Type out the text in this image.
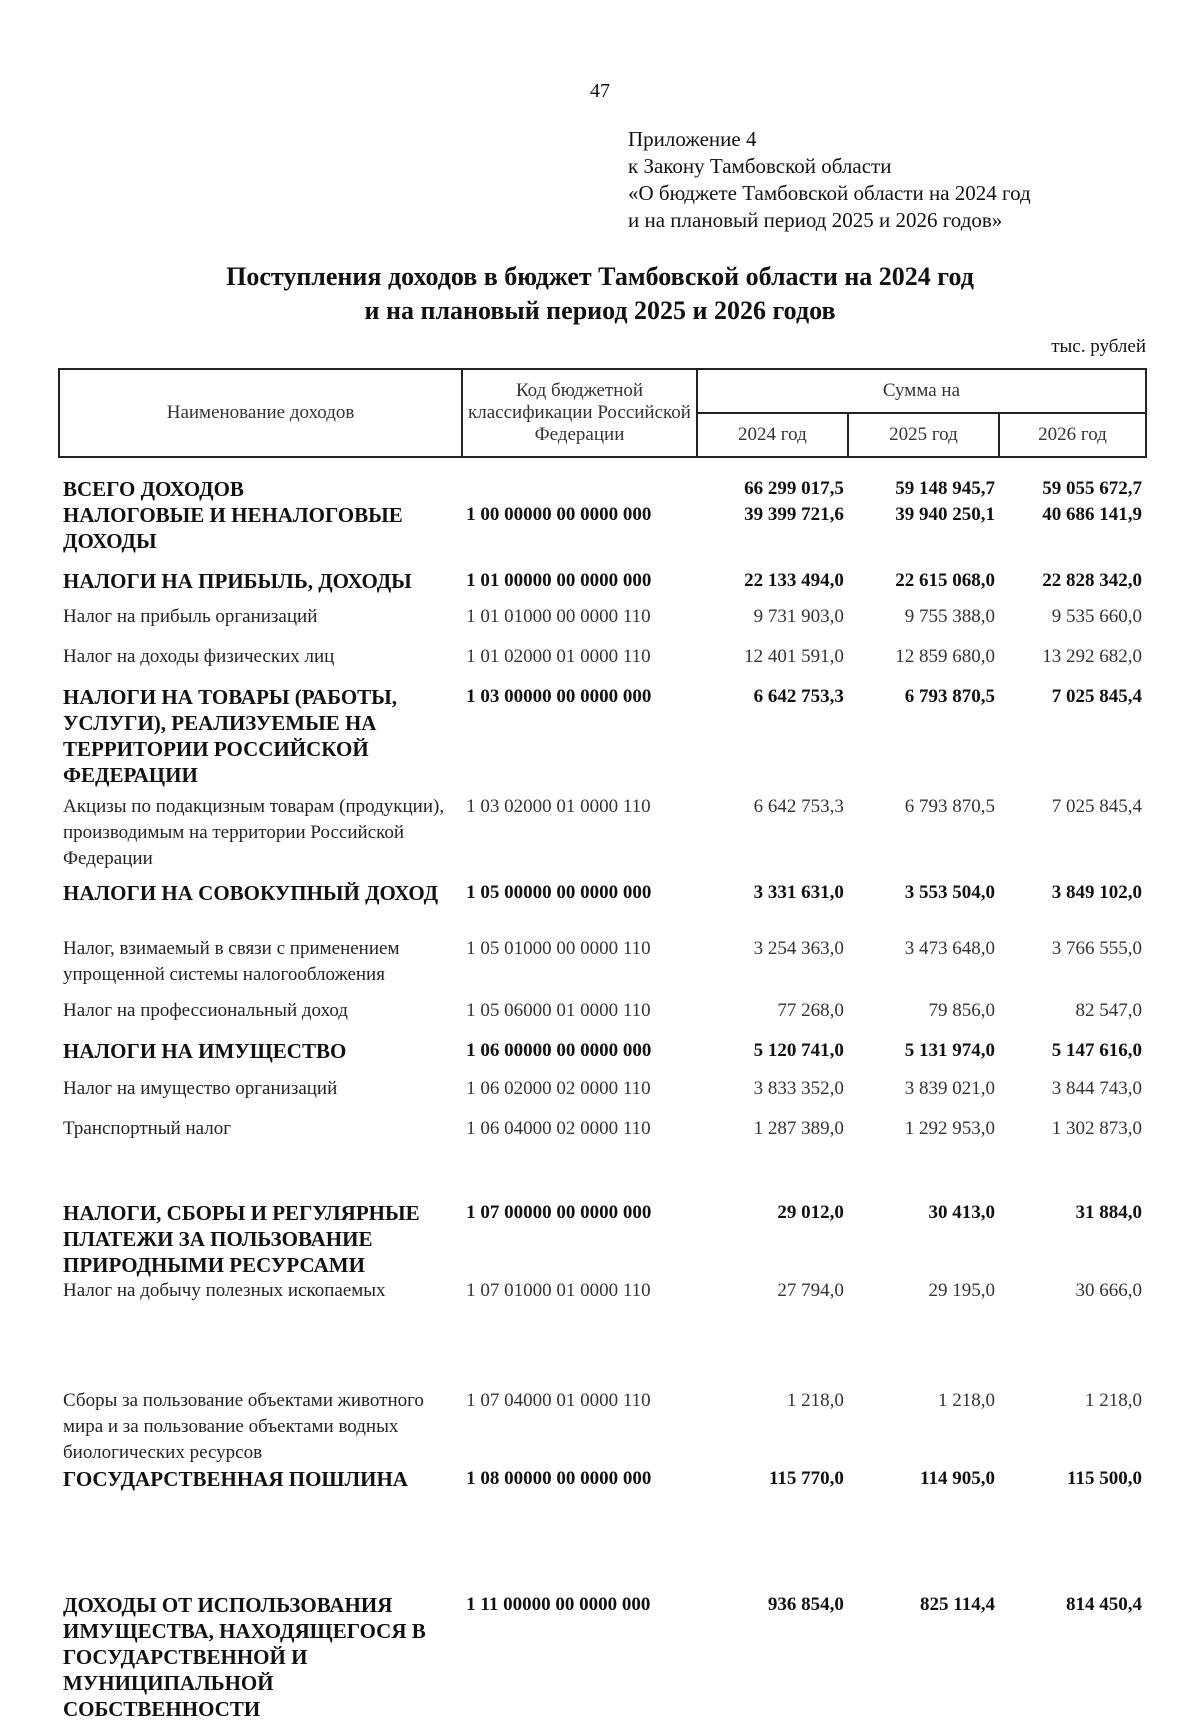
47
Приложение 4
к Закону Тамбовской области
«О бюджете Тамбовской области на 2024 год
и на плановый период 2025 и 2026 годов»
Поступления доходов в бюджет Тамбовской области на 2024 год
и на плановый период 2025 и 2026 годов
тыс. рублей
Наименование доходов	Код бюджетной классификации Российской Федерации	Сумма на		
		2024 год	2025 год	2026 год
ВСЕГО ДОХОДОВ		66 299 017,5	59 148 945,7	59 055 672,7
НАЛОГОВЫЕ И НЕНАЛОГОВЫЕ ДОХОДЫ	1 00 00000 00 0000 000	39 399 721,6	39 940 250,1	40 686 141,9
НАЛОГИ НА ПРИБЫЛЬ, ДОХОДЫ	1 01 00000 00 0000 000	22 133 494,0	22 615 068,0	22 828 342,0
Налог на прибыль организаций	1 01 01000 00 0000 110	9 731 903,0	9 755 388,0	9 535 660,0
Налог на доходы физических лиц	1 01 02000 01 0000 110	12 401 591,0	12 859 680,0	13 292 682,0
НАЛОГИ НА ТОВАРЫ (РАБОТЫ, УСЛУГИ), РЕАЛИЗУЕМЫЕ НА ТЕРРИТОРИИ РОССИЙСКОЙ ФЕДЕРАЦИИ	1 03 00000 00 0000 000	6 642 753,3	6 793 870,5	7 025 845,4
Акцизы по подакцизным товарам (продукции), производимым на территории Российской Федерации	1 03 02000 01 0000 110	6 642 753,3	6 793 870,5	7 025 845,4
НАЛОГИ НА СОВОКУПНЫЙ ДОХОД	1 05 00000 00 0000 000	3 331 631,0	3 553 504,0	3 849 102,0
Налог, взимаемый в связи с применением упрощенной системы налогообложения	1 05 01000 00 0000 110	3 254 363,0	3 473 648,0	3 766 555,0
Налог на профессиональный доход	1 05 06000 01 0000 110	77 268,0	79 856,0	82 547,0
НАЛОГИ НА ИМУЩЕСТВО	1 06 00000 00 0000 000	5 120 741,0	5 131 974,0	5 147 616,0
Налог на имущество организаций	1 06 02000 02 0000 110	3 833 352,0	3 839 021,0	3 844 743,0
Транспортный налог	1 06 04000 02 0000 110	1 287 389,0	1 292 953,0	1 302 873,0
НАЛОГИ, СБОРЫ И РЕГУЛЯРНЫЕ ПЛАТЕЖИ ЗА ПОЛЬЗОВАНИЕ ПРИРОДНЫМИ РЕСУРСАМИ	1 07 00000 00 0000 000	29 012,0	30 413,0	31 884,0
Налог на добычу полезных ископаемых	1 07 01000 01 0000 110	27 794,0	29 195,0	30 666,0
Сборы за пользование объектами животного мира и за пользование объектами водных биологических ресурсов	1 07 04000 01 0000 110	1 218,0	1 218,0	1 218,0
ГОСУДАРСТВЕННАЯ ПОШЛИНА	1 08 00000 00 0000 000	115 770,0	114 905,0	115 500,0
ДОХОДЫ ОТ ИСПОЛЬЗОВАНИЯ ИМУЩЕСТВА, НАХОДЯЩЕГОСЯ В ГОСУДАРСТВЕННОЙ И МУНИЦИПАЛЬНОЙ СОБСТВЕННОСТИ	1 11 00000 00 0000 000	936 854,0	825 114,4	814 450,4
